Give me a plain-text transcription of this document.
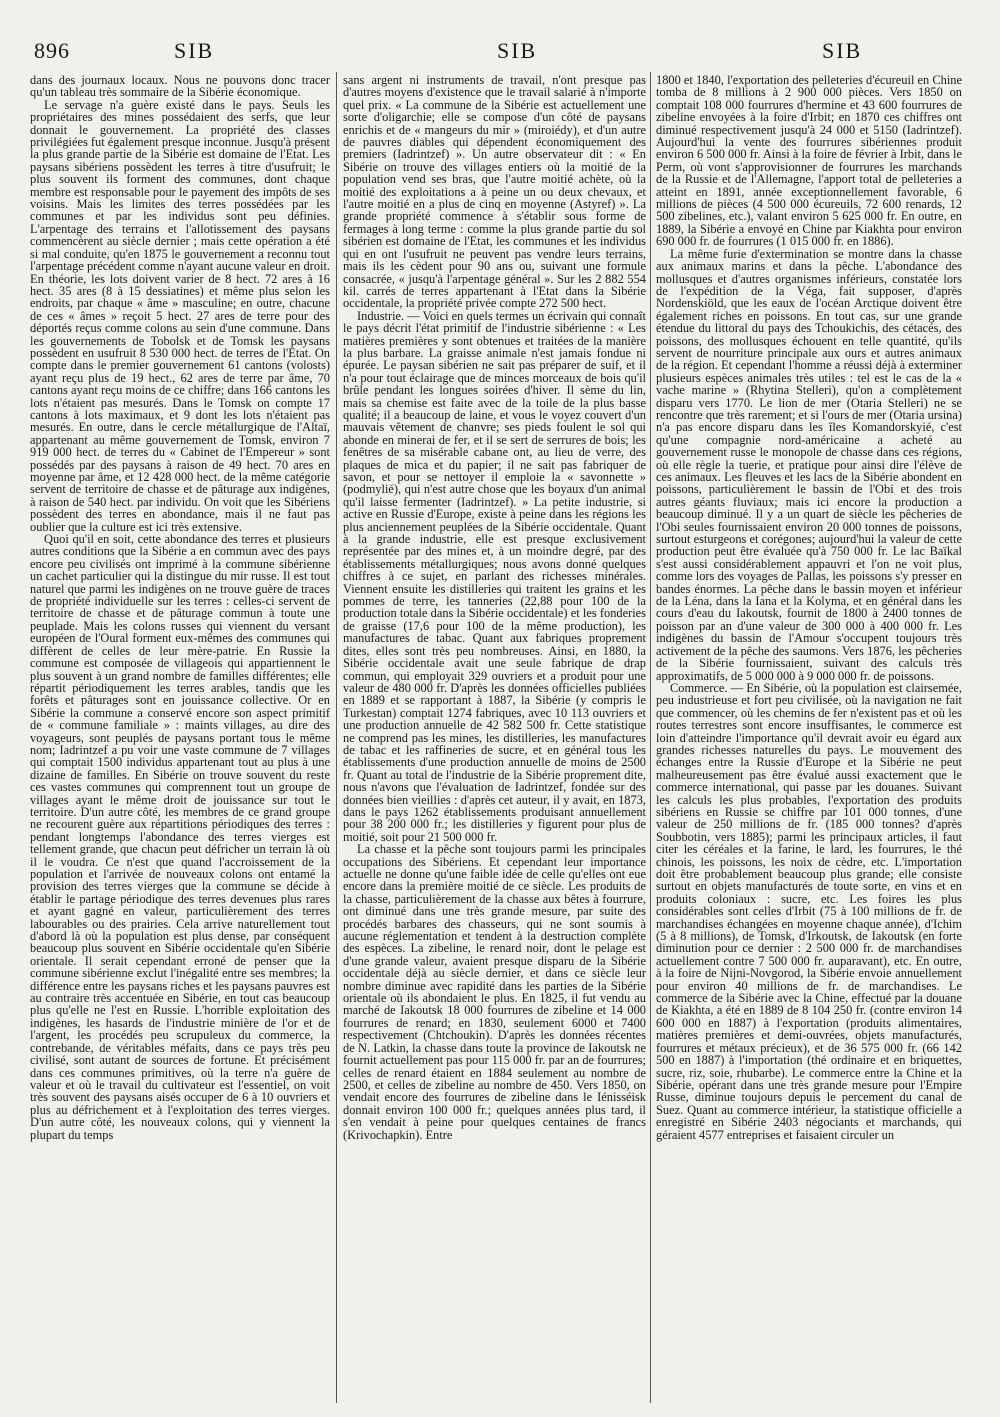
896	SIB	SIB	SIB

dans des journaux locaux. Nous ne pouvons donc tracer qu'un tableau très sommaire de la Sibérie économique.

Le servage n'a guère existé dans le pays. Seuls les propriétaires des mines possédaient des serfs, que leur donnait le gouvernement. La propriété des classes privilégiées fut également presque inconnue. Jusqu'à présent la plus grande partie de la Sibérie est domaine de l'Etat. Les paysans sibériens possèdent les terres à titre d'usufruit; le plus souvent ils forment des communes, dont chaque membre est responsable pour le payement des impôts de ses voisins. Mais les limites des terres possédées par les communes et par les individus sont peu définies. L'arpentage des terrains et l'allotissement des paysans commencèrent au siècle dernier ; mais cette opération a été si mal conduite, qu'en 1875 le gouvernement a reconnu tout l'arpentage précédent comme n'ayant aucune valeur en droit. En théorie, les lots doivent varier de 8 hect. 72 ares à 16 hect. 35 ares (8 à 15 dessiatines) et même plus selon les endroits, par chaque « âme » masculine; en outre, chacune de ces « âmes » reçoit 5 hect. 27 ares de terre pour des déportés reçus comme colons au sein d'une commune. Dans les gouvernements de Tobolsk et de Tomsk les paysans possèdent en usufruit 8 530 000 hect. de terres de l'Etat. On compte dans le premier gouvernement 61 cantons (volosts) ayant reçu plus de 19 hect., 62 ares de terre par âme, 70 cantons ayant reçu moins de ce chiffre; dans 166 cantons les lots n'étaient pas mesurés. Dans le Tomsk on compte 17 cantons à lots maximaux, et 9 dont les lots n'étaient pas mesurés. En outre, dans le cercle métallurgique de l'Altaï, appartenant au même gouvernement de Tomsk, environ 7 919 000 hect. de terres du « Cabinet de l'Empereur » sont possédés par des paysans à raison de 49 hect. 70 ares en moyenne par âme, et 12 428 000 hect. de la même catégorie servent de territoire de chasse et de pâturage aux indigènes, à raison de 540 hect. par individu. On voit que les Sibériens possèdent des terres en abondance, mais il ne faut pas oublier que la culture est ici très extensive.

Quoi qu'il en soit, cette abondance des terres et plusieurs autres conditions que la Sibérie a en commun avec des pays encore peu civilisés ont imprimé à la commune sibérienne un cachet particulier qui la distingue du mir russe. Il est tout naturel que parmi les indigènes on ne trouve guère de traces de propriété individuelle sur les terres : celles-ci servent de territoire de chasse et de pâturage commun à toute une peuplade. Mais les colons russes qui viennent du versant européen de l'Oural forment eux-mêmes des communes qui diffèrent de celles de leur mère-patrie. En Russie la commune est composée de villageois qui appartiennent le plus souvent à un grand nombre de familles différentes; elle répartit périodiquement les terres arables, tandis que les forêts et pâturages sont en jouissance collective. Or en Sibérie la commune a conservé encore son aspect primitif de « commune familiale » : maints villages, au dire des voyageurs, sont peuplés de paysans portant tous le même nom; Iadrintzef a pu voir une vaste commune de 7 villages qui comptait 1500 individus appartenant tout au plus à une dizaine de familles. En Sibérie on trouve souvent du reste ces vastes communes qui comprennent tout un groupe de villages ayant le même droit de jouissance sur tout le territoire. D'un autre côté, les membres de ce grand groupe ne recourent guère aux répartitions périodiques des terres : pendant longtemps l'abondance des terres vierges est tellement grande, que chacun peut défricher un terrain là où il le voudra. Ce n'est que quand l'accroissement de la population et l'arrivée de nouveaux colons ont entamé la provision des terres vierges que la commune se décide à établir le partage périodique des terres devenues plus rares et ayant gagné en valeur, particulièrement des terres labourables ou des prairies. Cela arrive naturellement tout d'abord là où la population est plus dense, par conséquent beaucoup plus souvent en Sibérie occidentale qu'en Sibérie orientale. Il serait cependant erroné de penser que la commune sibérienne exclut l'inégalité entre ses membres; la différence entre les paysans riches et les paysans pauvres est au contraire très accentuée en Sibérie, en tout cas beaucoup plus qu'elle ne l'est en Russie. L'horrible exploitation des indigènes, les hasards de l'industrie minière de l'or et de l'argent, les procédés peu scrupuleux du commerce, la contrebande, de véritables méfaits, dans ce pays très peu civilisé, sont autant de sources de fortune. Et précisément dans ces communes primitives, où la terre n'a guère de valeur et où le travail du cultivateur est l'essentiel, on voit très souvent des paysans aisés occuper de 6 à 10 ouvriers et plus au défrichement et à l'exploitation des terres vierges. D'un autre côté, les nouveaux colons, qui y viennent la plupart du temps

sans argent ni instruments de travail, n'ont presque pas d'autres moyens d'existence que le travail salarié à n'importe quel prix. « La commune de la Sibérie est actuellement une sorte d'oligarchie; elle se compose d'un côté de paysans enrichis et de « mangeurs du mir » (miroiédy), et d'un autre de pauvres diables qui dépendent économiquement des premiers (Iadrintzef) ». Un autre observateur dit : « En Sibérie on trouve des villages entiers où la moitié de la population vend ses bras, que l'autre moitié achète, où la moitié des exploitations a à peine un ou deux chevaux, et l'autre moitié en a plus de cinq en moyenne (Astyref) ». La grande propriété commence à s'établir sous forme de fermages à long terme : comme la plus grande partie du sol sibérien est domaine de l'Etat, les communes et les individus qui en ont l'usufruit ne peuvent pas vendre leurs terrains, mais ils les cèdent pour 90 ans ou, suivant une formule consacrée, « jusqu'à l'arpentage général ». Sur les 2 882 554 kil. carrés de terres appartenant à l'Etat dans la Sibérie occidentale, la propriété privée compte 272 500 hect.

Industrie. — Voici en quels termes un écrivain qui connaît le pays décrit l'état primitif de l'industrie sibérienne : « Les matières premières y sont obtenues et traitées de la manière la plus barbare. La graisse animale n'est jamais fondue ni épurée. Le paysan sibérien ne sait pas préparer de suif, et il n'a pour tout éclairage que de minces morceaux de bois qu'il brûle pendant les longues soirées d'hiver. Il sème du lin, mais sa chemise est faite avec de la toile de la plus basse qualité; il a beaucoup de laine, et vous le voyez couvert d'un mauvais vêtement de chanvre; ses pieds foulent le sol qui abonde en minerai de fer, et il se sert de serrures de bois; les fenêtres de sa misérable cabane ont, au lieu de verre, des plaques de mica et du papier; il ne sait pas fabriquer de savon, et pour se nettoyer il emploie la « savonnette » (podmylié), qui n'est autre chose que les boyaux d'un animal qu'il laisse fermenter (Iadrintzef). » La petite industrie, si active en Russie d'Europe, existe à peine dans les régions les plus anciennement peuplées de la Sibérie occidentale. Quant à la grande industrie, elle est presque exclusivement représentée par des mines et, à un moindre degré, par des établissements métallurgiques; nous avons donné quelques chiffres à ce sujet, en parlant des richesses minérales. Viennent ensuite les distilleries qui traitent les grains et les pommes de terre, les tanneries (22,88 pour 100 de la production totale dans la Sibérie occidentale) et les fonderies de graisse (17,6 pour 100 de la même production), les manufactures de tabac. Quant aux fabriques proprement dites, elles sont très peu nombreuses. Ainsi, en 1880, la Sibérie occidentale avait une seule fabrique de drap commun, qui employait 329 ouvriers et a produit pour une valeur de 480 000 fr. D'après les données officielles publiées en 1889 et se rapportant à 1887, la Sibérie (y compris le Turkestan) comptait 1274 fabriques, avec 10 113 ouvriers et une production annuelle de 42 582 500 fr. Cette statistique ne comprend pas les mines, les distilleries, les manufactures de tabac et les raffineries de sucre, et en général tous les établissements d'une production annuelle de moins de 2500 fr. Quant au total de l'industrie de la Sibérie proprement dite, nous n'avons que l'évaluation de Iadrintzef, fondée sur des données bien vieillies : d'après cet auteur, il y avait, en 1873, dans le pays 1262 établissements produisant annuellement pour 38 200 000 fr.; les distilleries y figurent pour plus de moitié, soit pour 21 500 000 fr.

La chasse et la pêche sont toujours parmi les principales occupations des Sibériens. Et cependant leur importance actuelle ne donne qu'une faible idée de celle qu'elles ont eue encore dans la première moitié de ce siècle. Les produits de la chasse, particulièrement de la chasse aux bêtes à fourrure, ont diminué dans une très grande mesure, par suite des procédés barbares des chasseurs, qui ne sont soumis à aucune réglementation et tendent à la destruction complète des espèces. La zibeline, le renard noir, dont le pelage est d'une grande valeur, avaient presque disparu de la Sibérie occidentale déjà au siècle dernier, et dans ce siècle leur nombre diminue avec rapidité dans les parties de la Sibérie orientale où ils abondaient le plus. En 1825, il fut vendu au marché de Iakoutsk 18 000 fourrures de zibeline et 14 000 fourrures de renard; en 1830, seulement 6000 et 7400 respectivement (Chtchoukin). D'après les données récentes de N. Latkin, la chasse dans toute la province de Iakoutsk ne fournit actuellement pas pour 115 000 fr. par an de fourrures; celles de renard étaient en 1884 seulement au nombre de 2500, et celles de zibeline au nombre de 450. Vers 1850, on vendait encore des fourrures de zibeline dans le Iénisséisk donnait environ 100 000 fr.; quelques années plus tard, il s'en vendait à peine pour quelques centaines de francs (Krivochapkin). Entre

1800 et 1840, l'exportation des pelleteries d'écureuil en Chine tomba de 8 millions à 2 900 000 pièces. Vers 1850 on comptait 108 000 fourrures d'hermine et 43 600 fourrures de zibeline envoyées à la foire d'Irbit; en 1870 ces chiffres ont diminué respectivement jusqu'à 24 000 et 5150 (Iadrintzef). Aujourd'hui la vente des fourrures sibériennes produit environ 6 500 000 fr. Ainsi à la foire de février à Irbit, dans le Perm, où vont s'approvisionner de fourrures les marchands de la Russie et de l'Allemagne, l'apport total de pelleteries a atteint en 1891, année exceptionnellement favorable, 6 millions de pièces (4 500 000 écureuils, 72 600 renards, 12 500 zibelines, etc.), valant environ 5 625 000 fr. En outre, en 1889, la Sibérie a envoyé en Chine par Kiakhta pour environ 690 000 fr. de fourrures (1 015 000 fr. en 1886).

La même furie d'extermination se montre dans la chasse aux animaux marins et dans la pêche. L'abondance des mollusques et d'autres organismes inférieurs, constatée lors de l'expédition de la Véga, fait supposer, d'après Nordenskiöld, que les eaux de l'océan Arctique doivent être également riches en poissons. En tout cas, sur une grande étendue du littoral du pays des Tchoukichis, des cétacés, des poissons, des mollusques échouent en telle quantité, qu'ils servent de nourriture principale aux ours et autres animaux de la région. Et cependant l'homme a réussi déjà à exterminer plusieurs espèces animales très utiles : tel est le cas de la « vache marine » (Rhytina Stelleri), qu'on a complètement disparu vers 1770. Le lion de mer (Otaria Stelleri) ne se rencontre que très rarement; et si l'ours de mer (Otaria ursina) n'a pas encore disparu dans les îles Komandorskyié, c'est qu'une compagnie nord-américaine a acheté au gouvernement russe le monopole de chasse dans ces régions, où elle règle la tuerie, et pratique pour ainsi dire l'élève de ces animaux. Les fleuves et les lacs de la Sibérie abondent en poissons, particulièrement le bassin de l'Obi et des trois autres géants fluviaux; mais ici encore la production a beaucoup diminué. Il y a un quart de siècle les pêcheries de l'Obi seules fournissaient environ 20 000 tonnes de poissons, surtout esturgeons et corégones; aujourd'hui la valeur de cette production peut être évaluée qu'à 750 000 fr. Le lac Baïkal s'est aussi considérablement appauvri et l'on ne voit plus, comme lors des voyages de Pallas, les poissons s'y presser en bandes énormes. La pêche dans le bassin moyen et inférieur de la Léna, dans la Iana et la Kolyma, et en général dans les cours d'eau du Iakoutsk, fournit de 1800 à 2400 tonnes de poisson par an d'une valeur de 300 000 à 400 000 fr. Les indigènes du bassin de l'Amour s'occupent toujours très activement de la pêche des saumons. Vers 1876, les pêcheries de la Sibérie fournissaient, suivant des calculs très approximatifs, de 5 000 000 à 9 000 000 fr. de poissons.

Commerce. — En Sibérie, où la population est clairsemée, peu industrieuse et fort peu civilisée, où la navigation ne fait que commencer, où les chemins de fer n'existent pas et où les routes terrestres sont encore insuffisantes, le commerce est loin d'atteindre l'importance qu'il devrait avoir eu égard aux grandes richesses naturelles du pays. Le mouvement des échanges entre la Russie d'Europe et la Sibérie ne peut malheureusement pas être évalué aussi exactement que le commerce international, qui passe par les douanes. Suivant les calculs les plus probables, l'exportation des produits sibériens en Russie se chiffre par 101 000 tonnes, d'une valeur de 250 millions de fr. (185 000 tonnes? d'après Soubbotin, vers 1885); parmi les principaux articles, il faut citer les céréales et la farine, le lard, les fourrures, le thé chinois, les poissons, les noix de cèdre, etc. L'importation doit être probablement beaucoup plus grande; elle consiste surtout en objets manufacturés de toute sorte, en vins et en produits coloniaux : sucre, etc. Les foires les plus considérables sont celles d'Irbit (75 à 100 millions de fr. de marchandises échangées en moyenne chaque année), d'Ichim (5 à 8 millions), de Tomsk, d'Irkoutsk, de Iakoutsk (en forte diminution pour ce dernier : 2 500 000 fr. de marchandises actuellement contre 7 500 000 fr. auparavant), etc. En outre, à la foire de Nijni-Novgorod, la Sibérie envoie annuellement pour environ 40 millions de fr. de marchandises. Le commerce de la Sibérie avec la Chine, effectué par la douane de Kiakhta, a été en 1889 de 8 104 250 fr. (contre environ 14 600 000 en 1887) à l'exportation (produits alimentaires, matières premières et demi-ouvrées, objets manufacturés, fourrures et métaux précieux), et de 36 575 000 fr. (66 142 500 en 1887) à l'importation (thé ordinaire et en briquettes, sucre, riz, soie, rhubarbe). Le commerce entre la Chine et la Sibérie, opérant dans une très grande mesure pour l'Empire Russe, diminue toujours depuis le percement du canal de Suez. Quant au commerce intérieur, la statistique officielle a enregistré en Sibérie 2403 négociants et marchands, qui géraient 4577 entreprises et faisaient circuler un
